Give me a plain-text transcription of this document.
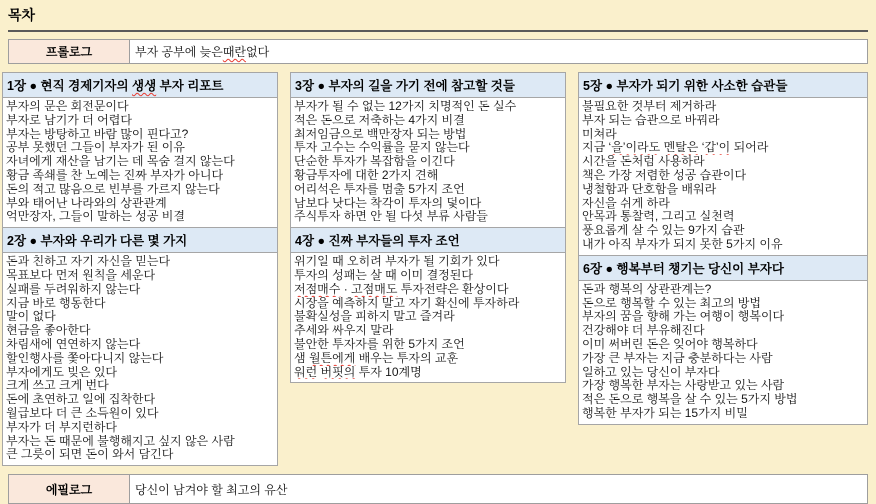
목차
프롤로그	부자 공부에 늦은 때란 없다
1장 ● 현직 경제기자의 생생 부자 리포트
부자의 문은 회전문이다
부자로 남기가 더 어렵다
부자는 방탕하고 바람 많이 핀다고?
공부 못했던 그들이 부자가 된 이유
자녀에게 재산을 남기는 데 목숨 걸지 않는다
황금 족쇄를 찬 노예는 진짜 부자가 아니다
돈의 적고 많음으로 빈부를 가르지 않는다
부와 태어난 나라와의 상관관계
억만장자, 그들이 말하는 성공 비결
2장 ● 부자와 우리가 다른 몇 가지
돈과 친하고 자기 자신을 믿는다
목표보다 먼저 원칙을 세운다
실패를 두려워하지 않는다
지금 바로 행동한다
말이 없다
현금을 좋아한다
차림새에 연연하지 않는다
할인행사를 쫓아다니지 않는다
부자에게도 빚은 있다
크게 쓰고 크게 번다
돈에 초연하고 일에 집착한다
월급보다 더 큰 소득원이 있다
부자가 더 부지런하다
부자는 돈 때문에 불행해지고 싶지 않은 사람
큰 그릇이 되면 돈이 와서 담긴다
3장 ● 부자의 길을 가기 전에 참고할 것들
부자가 될 수 없는 12가지 치명적인 돈 실수
적은 돈으로 저축하는 4가지 비결
최저임금으로 백만장자 되는 방법
투자 고수는 수익률을 묻지 않는다
단순한 투자가 복잡함을 이긴다
황금투자에 대한 2가지 견해
어리석은 투자를 멈출 5가지 조언
남보다 낫다는 착각이 투자의 덫이다
주식투자 하면 안 될 다섯 부류 사람들
4장 ● 진짜 부자들의 투자 조언
위기일 때 오히려 부자가 될 기회가 있다
투자의 성패는 살 때 이미 결정된다
저점매수 · 고점매도 투자전략은 환상이다
시장을 예측하지 말고 자기 확신에 투자하라
불확실성을 피하지 말고 즐겨라
추세와 싸우지 말라
불안한 투자자를 위한 5가지 조언
샘 월튼에게 배우는 투자의 교훈
워런 버핏의 투자 10계명
5장 ● 부자가 되기 위한 사소한 습관들
불필요한 것부터 제거하라
부자 되는 습관으로 바꿔라
미쳐라
지금 ‘을’이라도 멘탈은 ‘갑’이 되어라
시간을 돈처럼 사용하라
책은 가장 저렴한 성공 습관이다
냉철함과 단호함을 배워라
자신을 쉬게 하라
안목과 통찰력, 그리고 실천력
풍요롭게 살 수 있는 9가지 습관
내가 아직 부자가 되지 못한 5가지 이유
6장 ● 행복부터 챙기는 당신이 부자다
돈과 행복의 상관관계는?
돈으로 행복할 수 있는 최고의 방법
부자의 꿈을 향해 가는 여행이 행복이다
건강해야 더 부유해진다
이미 써버린 돈은 잊어야 행복하다
가장 큰 부자는 지금 충분하다는 사람
일하고 있는 당신이 부자다
가장 행복한 부자는 사랑받고 있는 사람
적은 돈으로 행복을 살 수 있는 5가지 방법
행복한 부자가 되는 15가지 비밀
에필로그	당신이 남겨야 할 최고의 유산
